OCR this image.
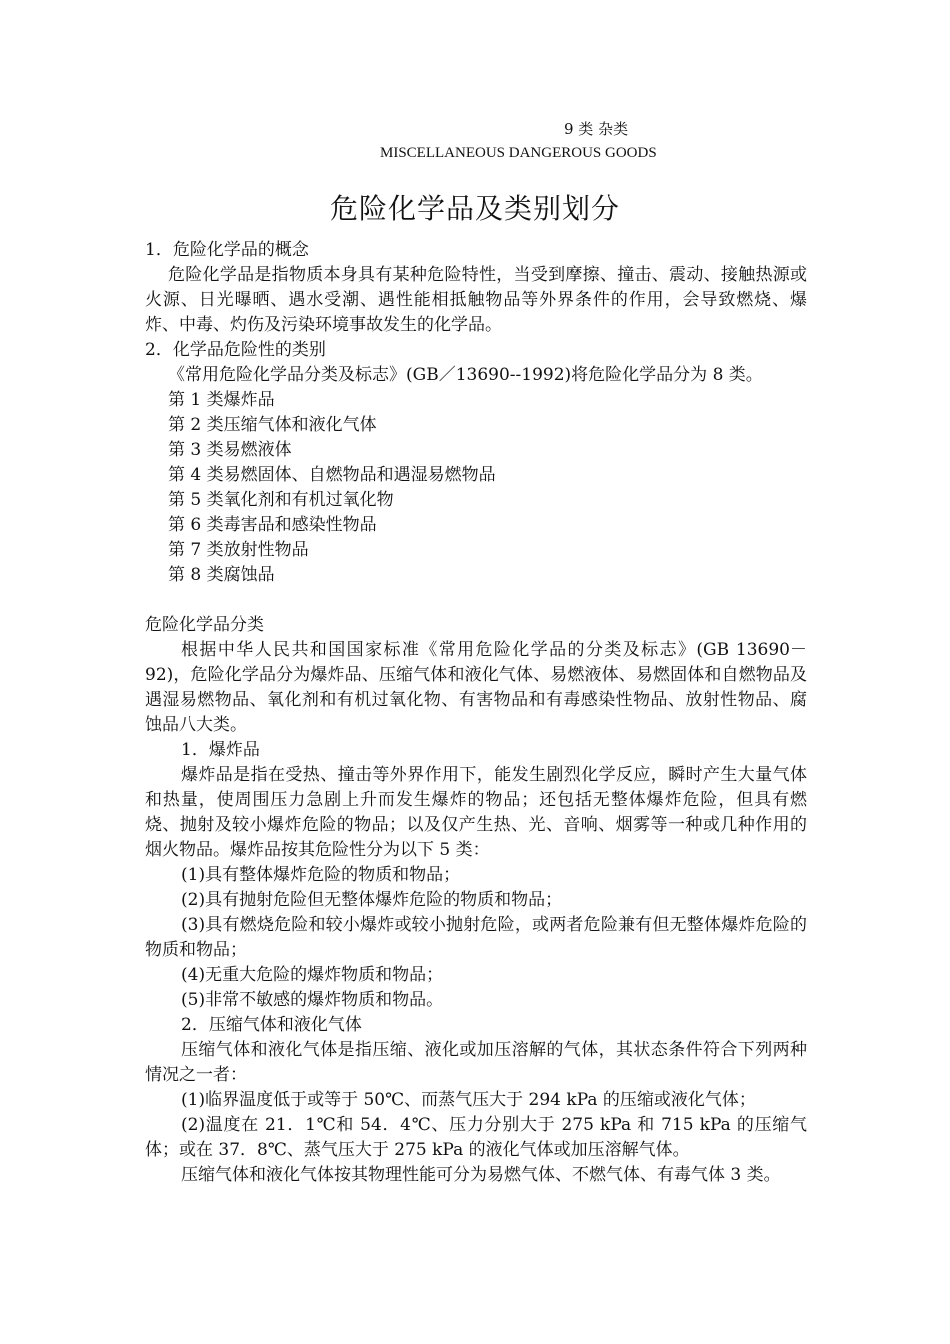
9 类 杂类
MISCELLANEOUS DANGEROUS GOODS
危险化学品及类别划分

1．危险化学品的概念

危险化学品是指物质本身具有某种危险特性，当受到摩擦、撞击、震动、接触热源或火源、日光曝晒、遇水受潮、遇性能相抵触物品等外界条件的作用，会导致燃烧、爆炸、中毒、灼伤及污染环境事故发生的化学品。

2．化学品危险性的类别

《常用危险化学品分类及标志》(GB／13690--1992)将危险化学品分为 8 类。

第 1 类爆炸品

第 2 类压缩气体和液化气体

第 3 类易燃液体

第 4 类易燃固体、自燃物品和遇湿易燃物品

第 5 类氧化剂和有机过氧化物

第 6 类毒害品和感染性物品

第 7 类放射性物品

第 8 类腐蚀品

危险化学品分类

根据中华人民共和国国家标准《常用危险化学品的分类及标志》(GB 13690－92)，危险化学品分为爆炸品、压缩气体和液化气体、易燃液体、易燃固体和自燃物品及遇湿易燃物品、氧化剂和有机过氧化物、有害物品和有毒感染性物品、放射性物品、腐蚀品八大类。

1．爆炸品

爆炸品是指在受热、撞击等外界作用下，能发生剧烈化学反应，瞬时产生大量气体和热量，使周围压力急剧上升而发生爆炸的物品；还包括无整体爆炸危险，但具有燃烧、抛射及较小爆炸危险的物品；以及仅产生热、光、音响、烟雾等一种或几种作用的烟火物品。爆炸品按其危险性分为以下 5 类：

(1)具有整体爆炸危险的物质和物品；

(2)具有抛射危险但无整体爆炸危险的物质和物品；

(3)具有燃烧危险和较小爆炸或较小抛射危险，或两者危险兼有但无整体爆炸危险的物质和物品；

(4)无重大危险的爆炸物质和物品；

(5)非常不敏感的爆炸物质和物品。

2．压缩气体和液化气体

压缩气体和液化气体是指压缩、液化或加压溶解的气体，其状态条件符合下列两种情况之一者：

(1)临界温度低于或等于 50℃、而蒸气压大于 294 kPa 的压缩或液化气体；

(2)温度在 21．1℃和 54．4℃、压力分别大于 275 kPa 和 715 kPa 的压缩气体；或在 37．8℃、蒸气压大于 275 kPa 的液化气体或加压溶解气体。

压缩气体和液化气体按其物理性能可分为易燃气体、不燃气体、有毒气体 3 类。
